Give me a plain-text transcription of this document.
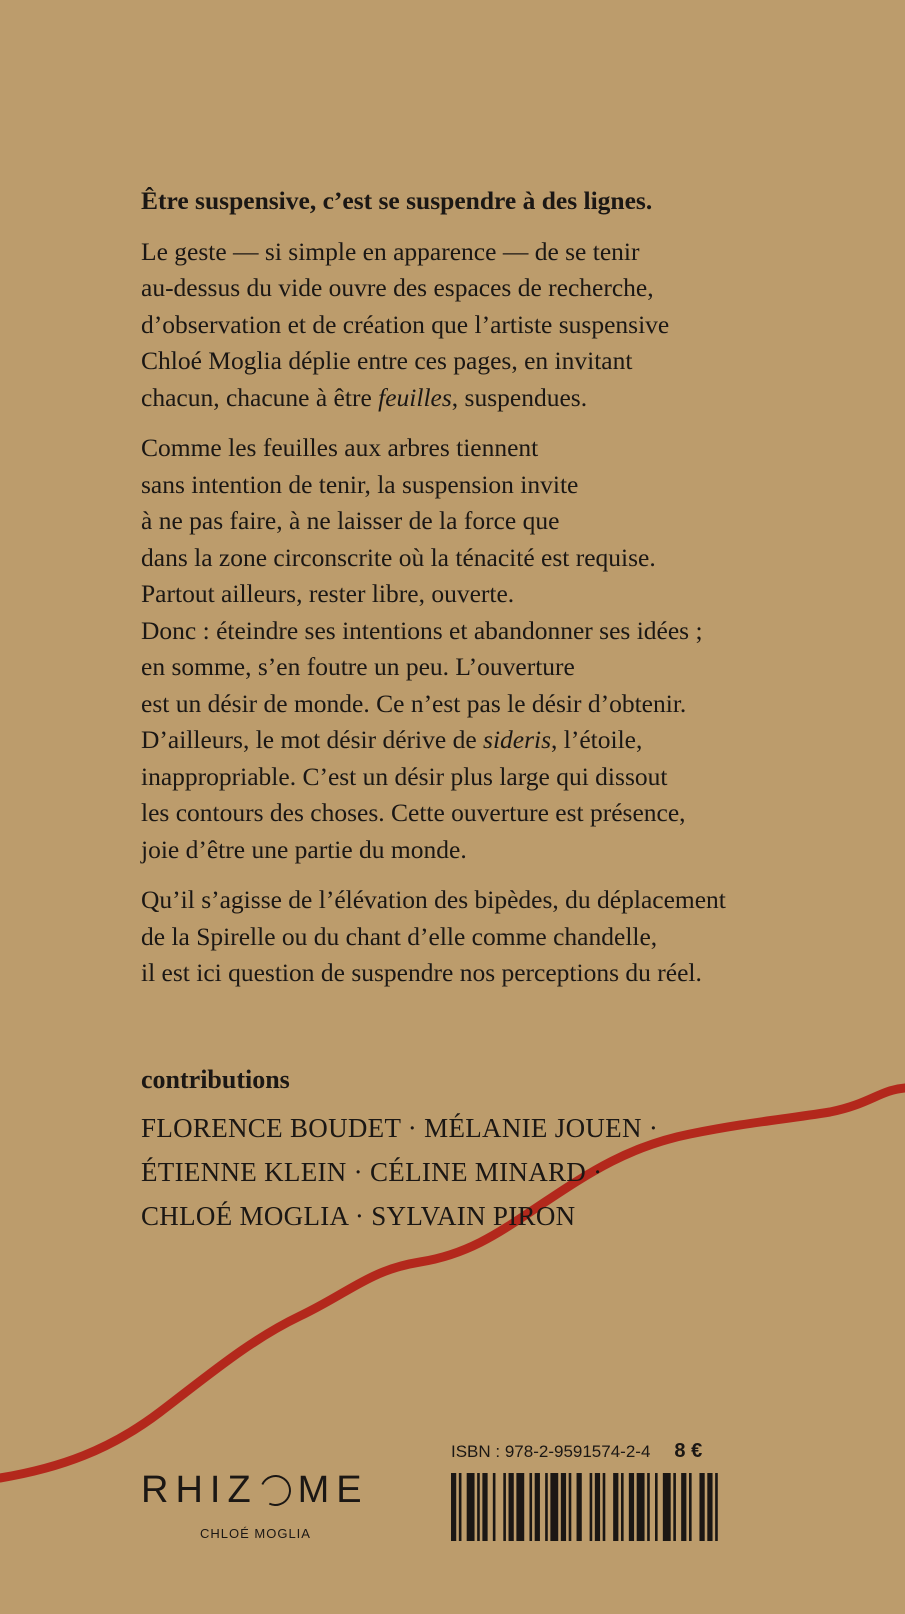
Être suspensive, c’est se suspendre à des lignes.

Le geste — si simple en apparence — de se tenir
au-dessus du vide ouvre des espaces de recherche,
d’observation et de création que l’artiste suspensive
Chloé Moglia déplie entre ces pages, en invitant
chacun, chacune à être feuilles, suspendues.

Comme les feuilles aux arbres tiennent
sans intention de tenir, la suspension invite
à ne pas faire, à ne laisser de la force que
dans la zone circonscrite où la ténacité est requise.
Partout ailleurs, rester libre, ouverte.
Donc : éteindre ses intentions et abandonner ses idées ;
en somme, s’en foutre un peu. L’ouverture
est un désir de monde. Ce n’est pas le désir d’obtenir.
D’ailleurs, le mot désir dérive de sideris, l’étoile,
inappropriable. C’est un désir plus large qui dissout
les contours des choses. Cette ouverture est présence,
joie d’être une partie du monde.

Qu’il s’agisse de l’élévation des bipèdes, du déplacement
de la Spirelle ou du chant d’elle comme chandelle,
il est ici question de suspendre nos perceptions du réel.

contributions
FLORENCE BOUDET · MÉLANIE JOUEN ·
ÉTIENNE KLEIN · CÉLINE MINARD ·
CHLOÉ MOGLIA · SYLVAIN PIRON
RHIZ ME
CHLOÉ MOGLIA
ISBN : 978-2-9591574-2-4 8 €
